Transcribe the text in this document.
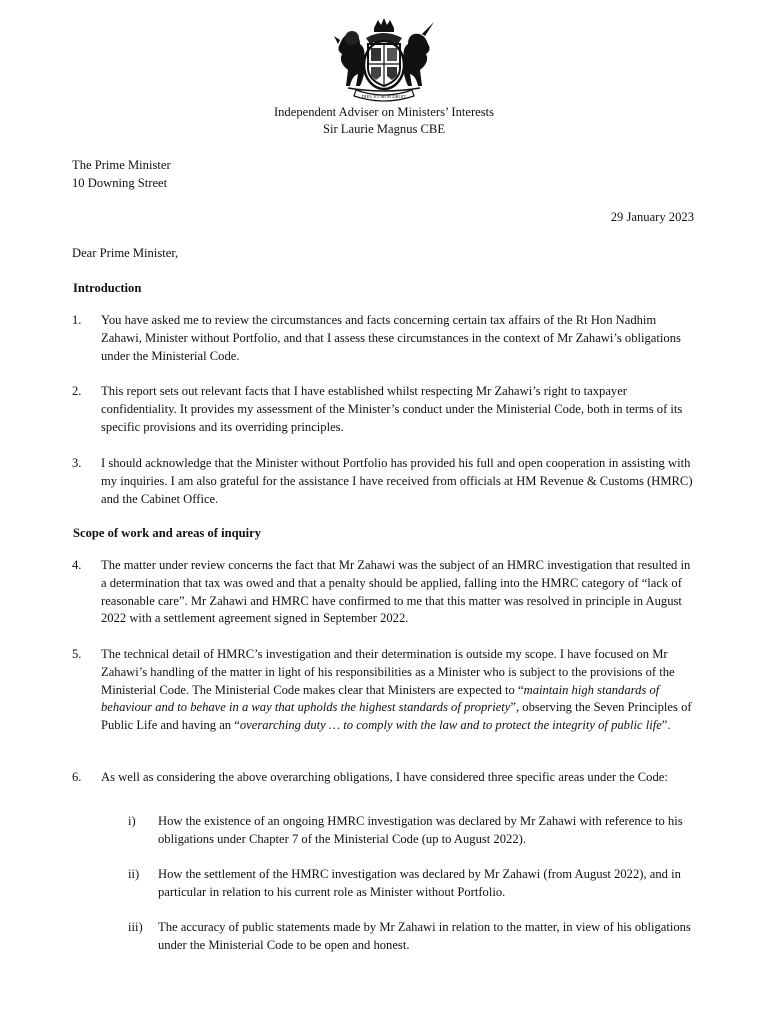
DIEU ET MON DROIT
Independent Adviser on Ministers’ Interests
Sir Laurie Magnus CBE
The Prime Minister
10 Downing Street
29 January 2023
Dear Prime Minister,
Introduction
1.	You have asked me to review the circumstances and facts concerning certain tax affairs of the Rt Hon Nadhim Zahawi, Minister without Portfolio, and that I assess these circumstances in the context of Mr Zahawi’s obligations under the Ministerial Code.
2.	This report sets out relevant facts that I have established whilst respecting Mr Zahawi’s right to taxpayer confidentiality. It provides my assessment of the Minister’s conduct under the Ministerial Code, both in terms of its specific provisions and its overriding principles.
3.	I should acknowledge that the Minister without Portfolio has provided his full and open cooperation in assisting with my inquiries. I am also grateful for the assistance I have received from officials at HM Revenue & Customs (HMRC) and the Cabinet Office.
Scope of work and areas of inquiry
4.	The matter under review concerns the fact that Mr Zahawi was the subject of an HMRC investigation that resulted in a determination that tax was owed and that a penalty should be applied, falling into the HMRC category of “lack of reasonable care”. Mr Zahawi and HMRC have confirmed to me that this matter was resolved in principle in August 2022 with a settlement agreement signed in September 2022.
5.	The technical detail of HMRC’s investigation and their determination is outside my scope. I have focused on Mr Zahawi’s handling of the matter in light of his responsibilities as a Minister who is subject to the provisions of the Ministerial Code. The Ministerial Code makes clear that Ministers are expected to “maintain high standards of behaviour and to behave in a way that upholds the highest standards of propriety”, observing the Seven Principles of Public Life and having an “overarching duty … to comply with the law and to protect the integrity of public life”.
6.	As well as considering the above overarching obligations, I have considered three specific areas under the Code:
i) How the existence of an ongoing HMRC investigation was declared by Mr Zahawi with reference to his obligations under Chapter 7 of the Ministerial Code (up to August 2022).
ii) How the settlement of the HMRC investigation was declared by Mr Zahawi (from August 2022), and in particular in relation to his current role as Minister without Portfolio.
iii) The accuracy of public statements made by Mr Zahawi in relation to the matter, in view of his obligations under the Ministerial Code to be open and honest.
